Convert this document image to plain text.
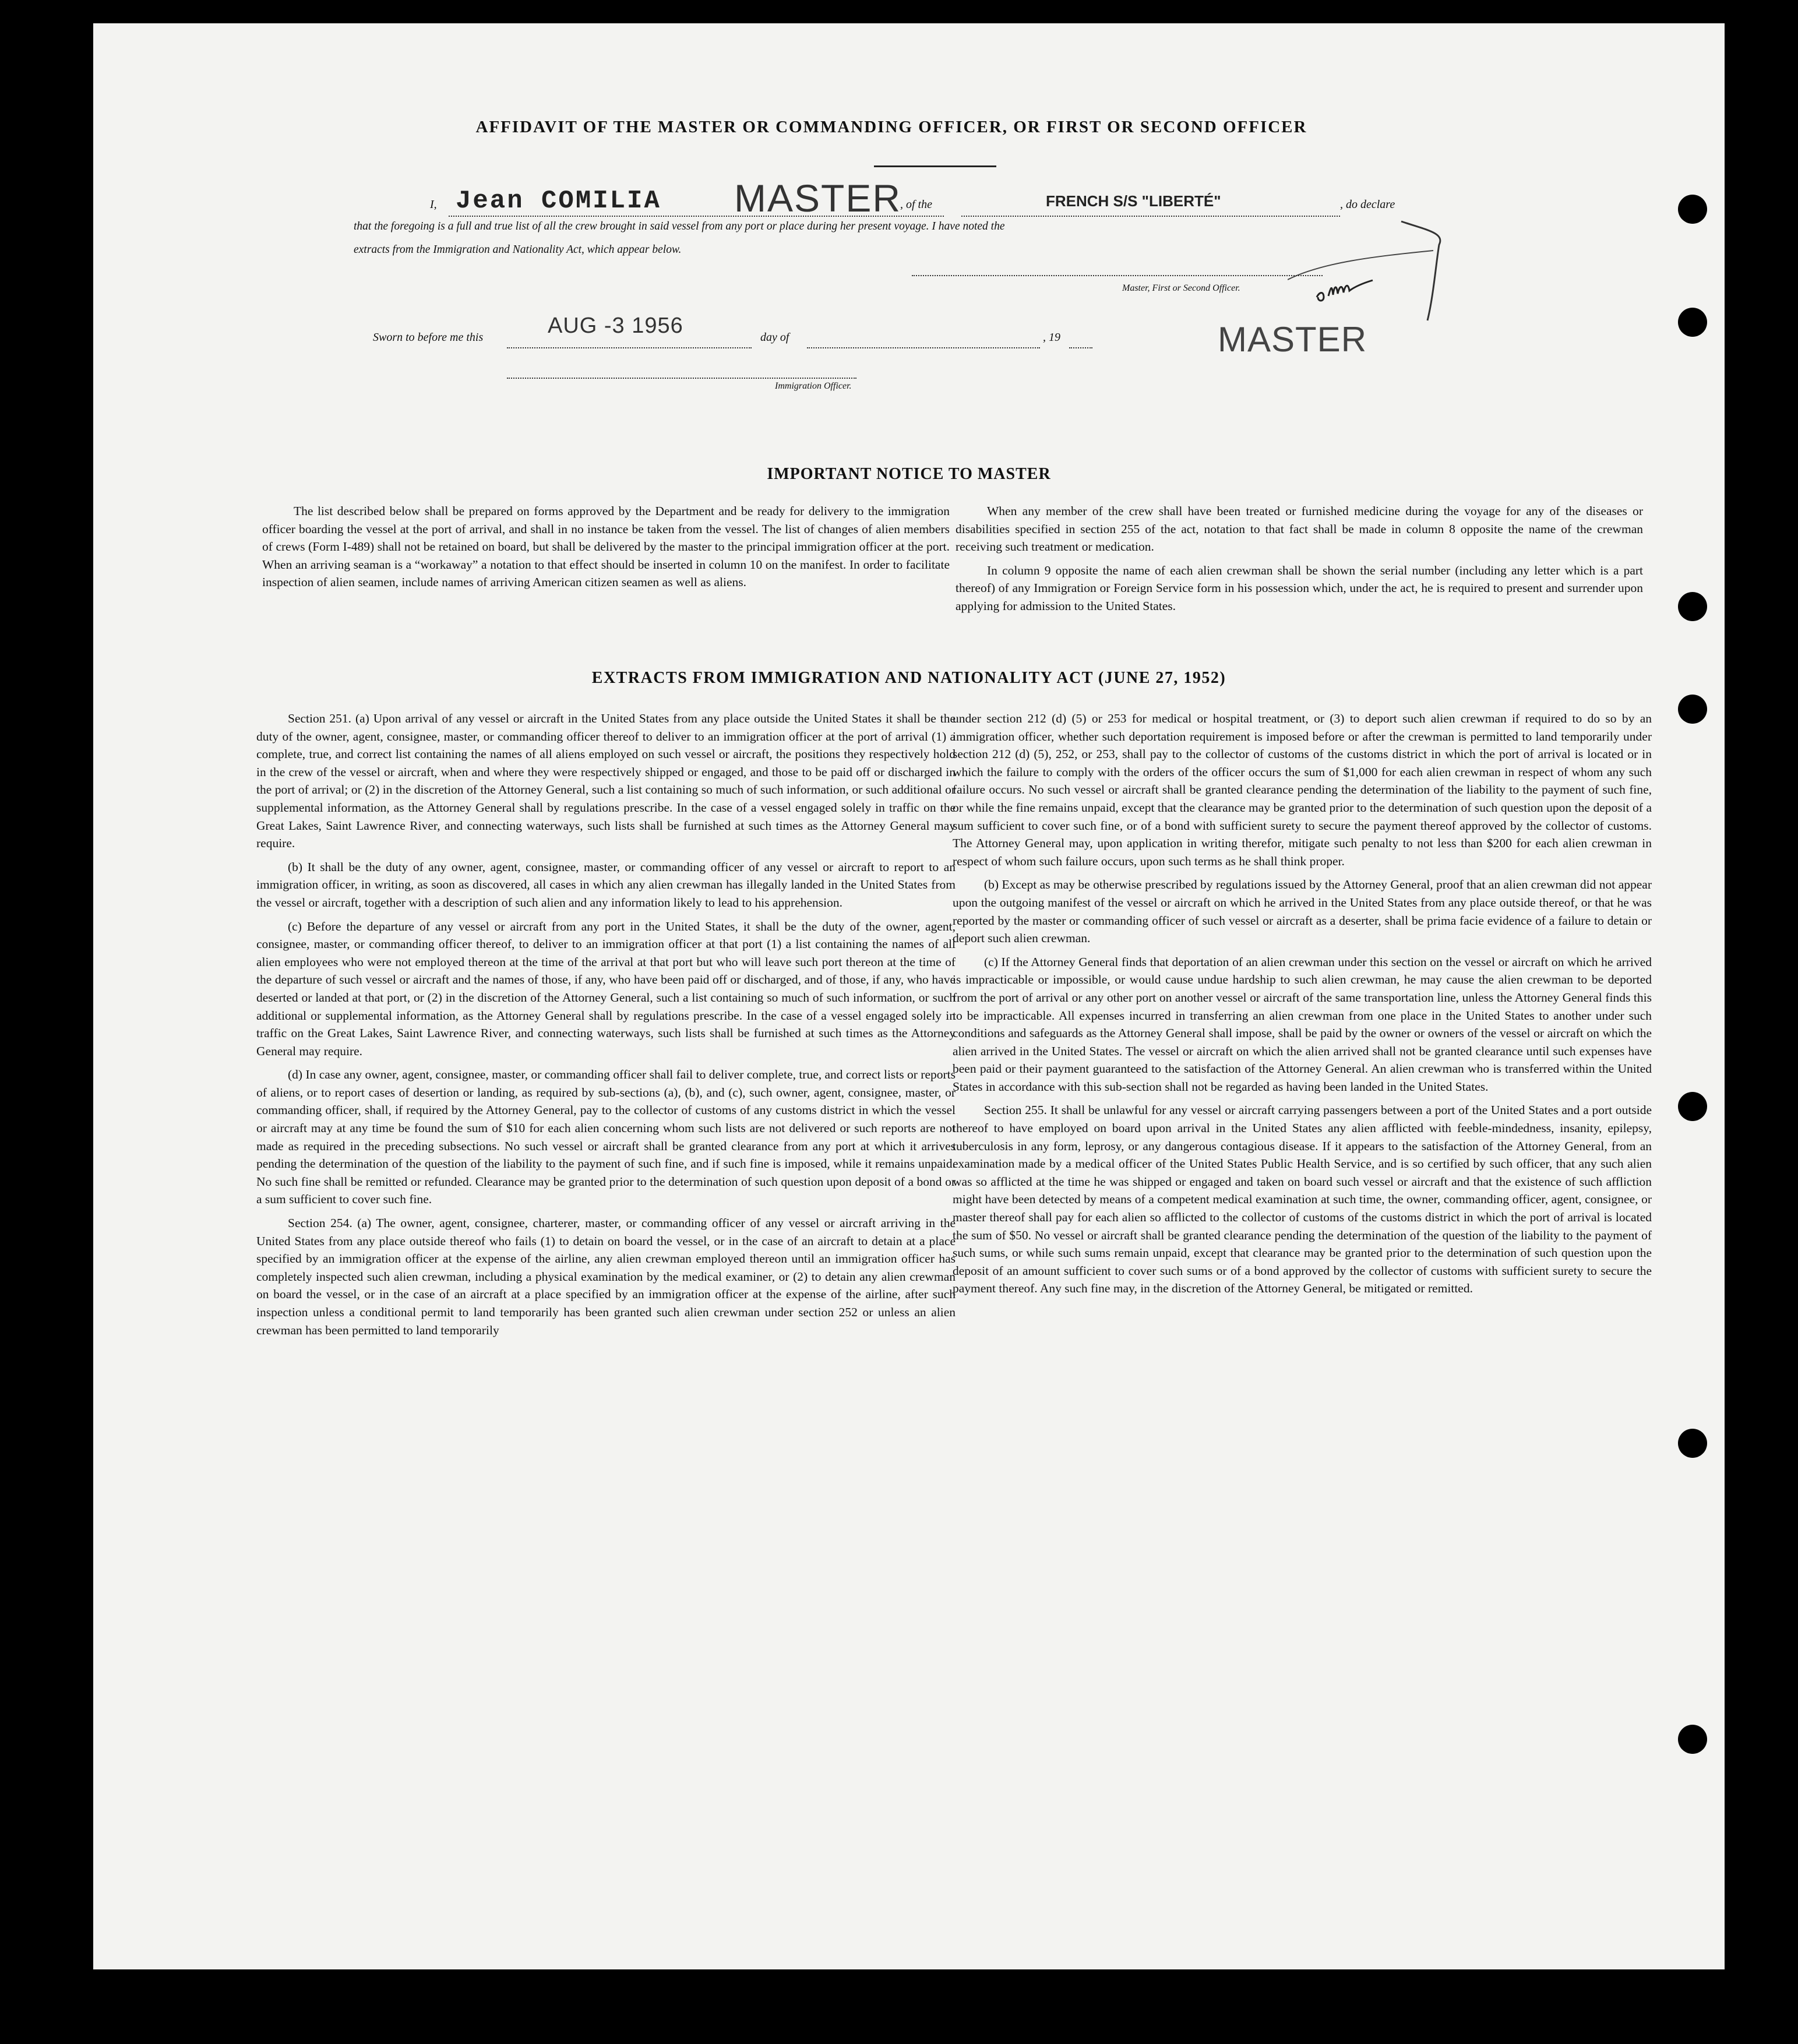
AFFIDAVIT OF THE MASTER OR COMMANDING OFFICER, OR FIRST OR SECOND OFFICER
I, Jean COMILIA MASTER
, of the	FRENCH S/S "LIBERTÉ"	, do declare
that the foregoing is a full and true list of all the crew brought in said vessel from any port or place during her present voyage. I have noted the
extracts from the Immigration and Nationality Act, which appear below.
Master, First or Second Officer.
Sworn to before me this	AUG -3 1956	day of	, 19	MASTER
Immigration Officer.
IMPORTANT NOTICE TO MASTER

The list described below shall be prepared on forms approved by the Department and be ready for delivery to the immigration officer boarding the vessel at the port of arrival, and shall in no instance be taken from the vessel. The list of changes of alien members of crews (Form I-489) shall not be retained on board, but shall be delivered by the master to the principal immigration officer at the port. When an arriving seaman is a “workaway” a notation to that effect should be inserted in column 10 on the manifest. In order to facilitate inspection of alien seamen, include names of arriving American citizen seamen as well as aliens.

When any member of the crew shall have been treated or furnished medicine during the voyage for any of the diseases or disabilities specified in section 255 of the act, notation to that fact shall be made in column 8 opposite the name of the crewman receiving such treatment or medication.

In column 9 opposite the name of each alien crewman shall be shown the serial number (including any letter which is a part thereof) of any Immigration or Foreign Service form in his possession which, under the act, he is required to present and surrender upon applying for admission to the United States.

EXTRACTS FROM IMMIGRATION AND NATIONALITY ACT (JUNE 27, 1952)

Section 251. (a) Upon arrival of any vessel or aircraft in the United States from any place outside the United States it shall be the duty of the owner, agent, consignee, master, or commanding officer thereof to deliver to an immigration officer at the port of arrival (1) a complete, true, and correct list containing the names of all aliens employed on such vessel or aircraft, the positions they respectively hold in the crew of the vessel or aircraft, when and where they were respectively shipped or engaged, and those to be paid off or discharged in the port of arrival; or (2) in the discretion of the Attorney General, such a list containing so much of such information, or such additional or supplemental information, as the Attorney General shall by regulations prescribe. In the case of a vessel engaged solely in traffic on the Great Lakes, Saint Lawrence River, and connecting waterways, such lists shall be furnished at such times as the Attorney General may require.

(b) It shall be the duty of any owner, agent, consignee, master, or commanding officer of any vessel or aircraft to report to an immigration officer, in writing, as soon as discovered, all cases in which any alien crewman has illegally landed in the United States from the vessel or aircraft, together with a description of such alien and any information likely to lead to his apprehension.

(c) Before the departure of any vessel or aircraft from any port in the United States, it shall be the duty of the owner, agent, consignee, master, or commanding officer thereof, to deliver to an immigration officer at that port (1) a list containing the names of all alien employees who were not employed thereon at the time of the arrival at that port but who will leave such port thereon at the time of the departure of such vessel or aircraft and the names of those, if any, who have been paid off or discharged, and of those, if any, who have deserted or landed at that port, or (2) in the discretion of the Attorney General, such a list containing so much of such information, or such additional or supplemental information, as the Attorney General shall by regulations prescribe. In the case of a vessel engaged solely in traffic on the Great Lakes, Saint Lawrence River, and connecting waterways, such lists shall be furnished at such times as the Attorney General may require.

(d) In case any owner, agent, consignee, master, or commanding officer shall fail to deliver complete, true, and correct lists or reports of aliens, or to report cases of desertion or landing, as required by sub-sections (a), (b), and (c), such owner, agent, consignee, master, or commanding officer, shall, if required by the Attorney General, pay to the collector of customs of any customs district in which the vessel or aircraft may at any time be found the sum of $10 for each alien concerning whom such lists are not delivered or such reports are not made as required in the preceding subsections. No such vessel or aircraft shall be granted clearance from any port at which it arrives pending the determination of the question of the liability to the payment of such fine, and if such fine is imposed, while it remains unpaid. No such fine shall be remitted or refunded. Clearance may be granted prior to the determination of such question upon deposit of a bond or a sum sufficient to cover such fine.

Section 254. (a) The owner, agent, consignee, charterer, master, or commanding officer of any vessel or aircraft arriving in the United States from any place outside thereof who fails (1) to detain on board the vessel, or in the case of an aircraft to detain at a place specified by an immigration officer at the expense of the airline, any alien crewman employed thereon until an immigration officer has completely inspected such alien crewman, including a physical examination by the medical examiner, or (2) to detain any alien crewman on board the vessel, or in the case of an aircraft at a place specified by an immigration officer at the expense of the airline, after such inspection unless a conditional permit to land temporarily has been granted such alien crewman under section 252 or unless an alien crewman has been permitted to land temporarily

under section 212 (d) (5) or 253 for medical or hospital treatment, or (3) to deport such alien crewman if required to do so by an immigration officer, whether such deportation requirement is imposed before or after the crewman is permitted to land temporarily under section 212 (d) (5), 252, or 253, shall pay to the collector of customs of the customs district in which the port of arrival is located or in which the failure to comply with the orders of the officer occurs the sum of $1,000 for each alien crewman in respect of whom any such failure occurs. No such vessel or aircraft shall be granted clearance pending the determination of the liability to the payment of such fine, or while the fine remains unpaid, except that the clearance may be granted prior to the determination of such question upon the deposit of a sum sufficient to cover such fine, or of a bond with sufficient surety to secure the payment thereof approved by the collector of customs. The Attorney General may, upon application in writing therefor, mitigate such penalty to not less than $200 for each alien crewman in respect of whom such failure occurs, upon such terms as he shall think proper.

(b) Except as may be otherwise prescribed by regulations issued by the Attorney General, proof that an alien crewman did not appear upon the outgoing manifest of the vessel or aircraft on which he arrived in the United States from any place outside thereof, or that he was reported by the master or commanding officer of such vessel or aircraft as a deserter, shall be prima facie evidence of a failure to detain or deport such alien crewman.

(c) If the Attorney General finds that deportation of an alien crewman under this section on the vessel or aircraft on which he arrived is impracticable or impossible, or would cause undue hardship to such alien crewman, he may cause the alien crewman to be deported from the port of arrival or any other port on another vessel or aircraft of the same transportation line, unless the Attorney General finds this to be impracticable. All expenses incurred in transferring an alien crewman from one place in the United States to another under such conditions and safeguards as the Attorney General shall impose, shall be paid by the owner or owners of the vessel or aircraft on which the alien arrived in the United States. The vessel or aircraft on which the alien arrived shall not be granted clearance until such expenses have been paid or their payment guaranteed to the satisfaction of the Attorney General. An alien crewman who is transferred within the United States in accordance with this sub-section shall not be regarded as having been landed in the United States.

Section 255. It shall be unlawful for any vessel or aircraft carrying passengers between a port of the United States and a port outside thereof to have employed on board upon arrival in the United States any alien afflicted with feeble-mindedness, insanity, epilepsy, tuberculosis in any form, leprosy, or any dangerous contagious disease. If it appears to the satisfaction of the Attorney General, from an examination made by a medical officer of the United States Public Health Service, and is so certified by such officer, that any such alien was so afflicted at the time he was shipped or engaged and taken on board such vessel or aircraft and that the existence of such affliction might have been detected by means of a competent medical examination at such time, the owner, commanding officer, agent, consignee, or master thereof shall pay for each alien so afflicted to the collector of customs of the customs district in which the port of arrival is located the sum of $50. No vessel or aircraft shall be granted clearance pending the determination of the question of the liability to the payment of such sums, or while such sums remain unpaid, except that clearance may be granted prior to the determination of such question upon the deposit of an amount sufficient to cover such sums or of a bond approved by the collector of customs with sufficient surety to secure the payment thereof. Any such fine may, in the discretion of the Attorney General, be mitigated or remitted.
